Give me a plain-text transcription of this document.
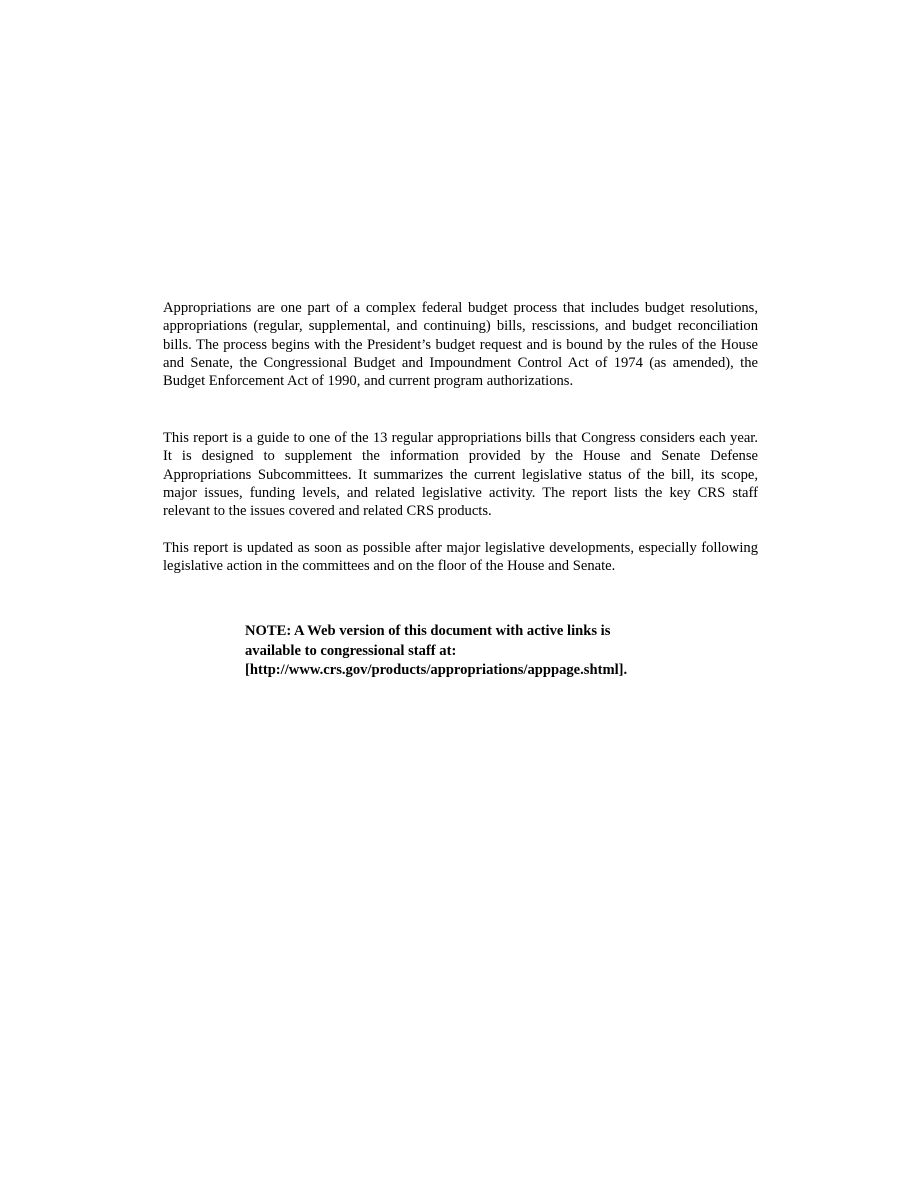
Appropriations are one part of a complex federal budget process that includes budget resolutions, appropriations (regular, supplemental, and continuing) bills, rescissions, and budget reconciliation bills. The process begins with the President’s budget request and is bound by the rules of the House and Senate, the Congressional Budget and Impoundment Control Act of 1974 (as amended), the Budget Enforcement Act of 1990, and current program authorizations.

This report is a guide to one of the 13 regular appropriations bills that Congress considers each year. It is designed to supplement the information provided by the House and Senate Defense Appropriations Subcommittees. It summarizes the current legislative status of the bill, its scope, major issues, funding levels, and related legislative activity. The report lists the key CRS staff relevant to the issues covered and related CRS products.

This report is updated as soon as possible after major legislative developments, especially following legislative action in the committees and on the floor of the House and Senate.

NOTE: A Web version of this document with active links is
available to congressional staff at:
[http://www.crs.gov/products/appropriations/apppage.shtml].
